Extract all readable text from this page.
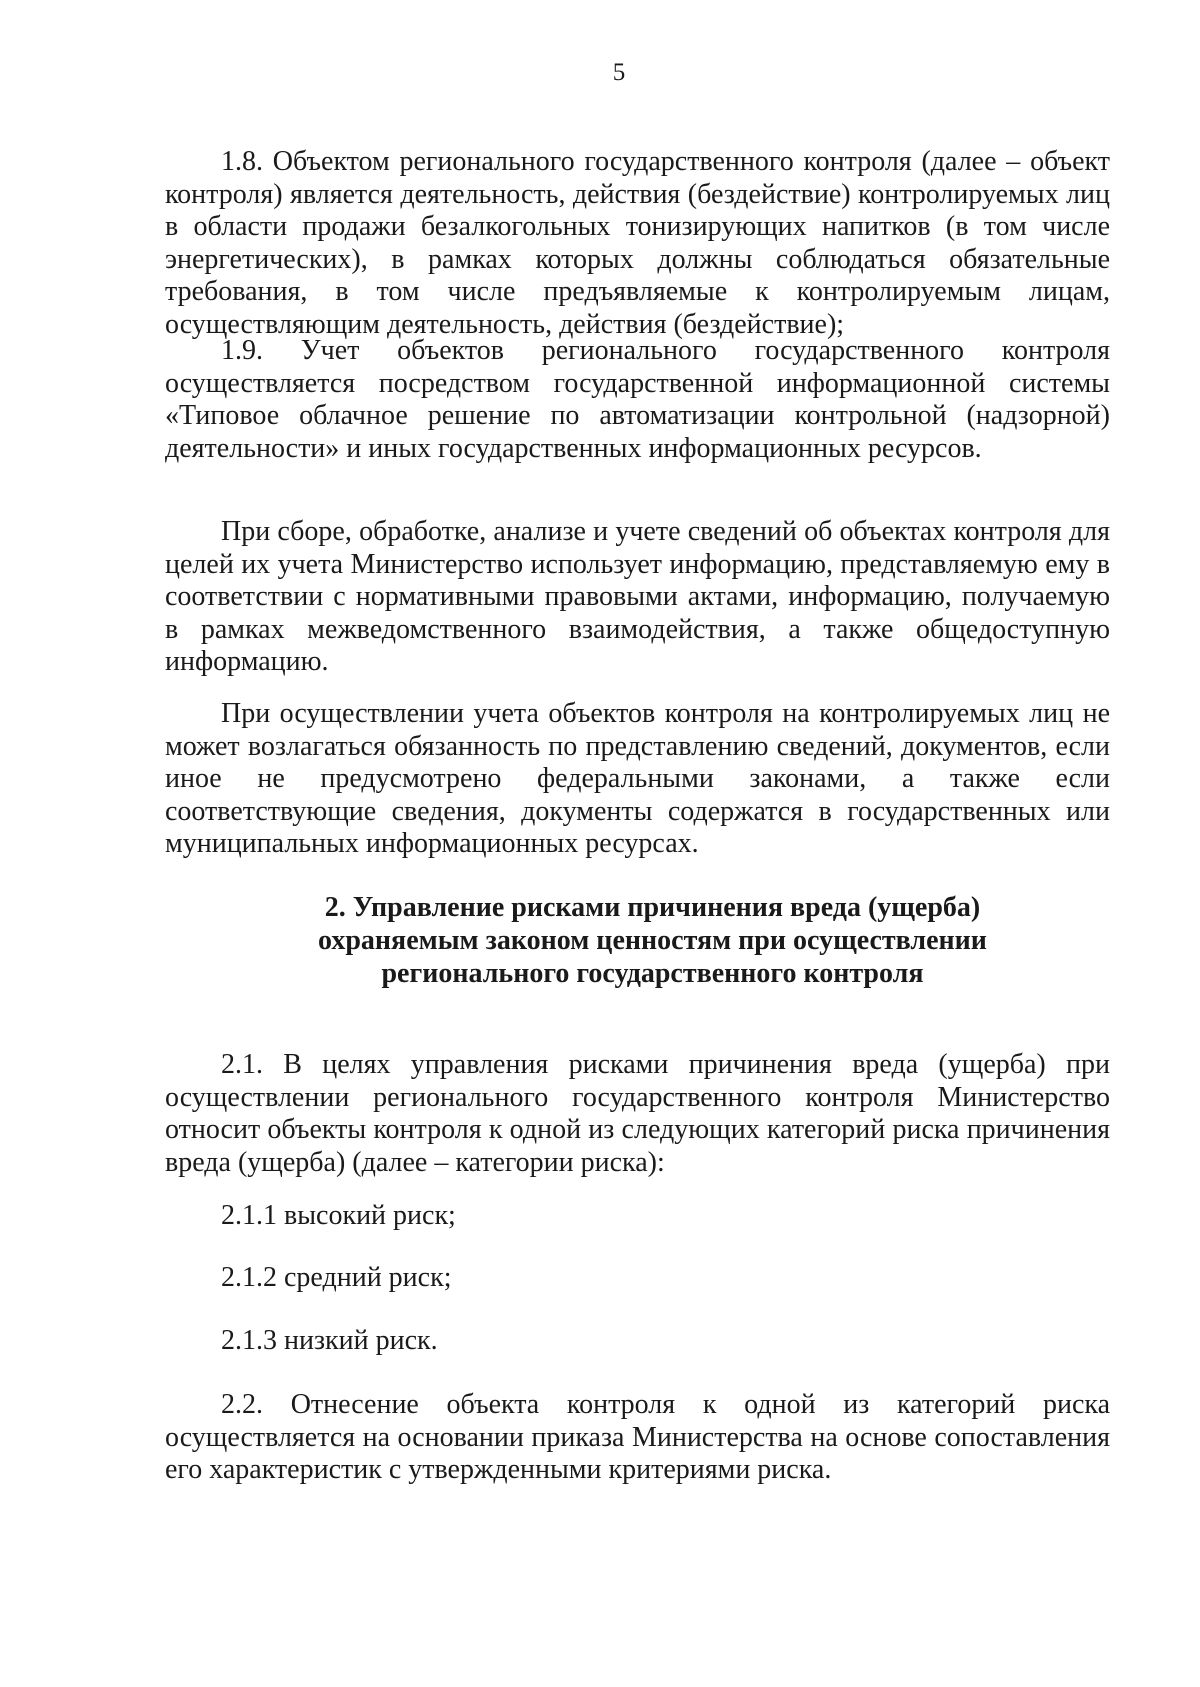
5

1.8. Объектом регионального государственного контроля (далее – объект контроля) является деятельность, действия (бездействие) контролируемых лиц в области продажи безалкогольных тонизирующих напитков (в том числе энергетических), в рамках которых должны соблюдаться обязательные требования, в том числе предъявляемые к контролируемым лицам, осуществляющим деятельность, действия (бездействие);

1.9. Учет объектов регионального государственного контроля осуществляется посредством государственной информационной системы «Типовое облачное решение по автоматизации контрольной (надзорной) деятельности» и иных государственных информационных ресурсов.

При сборе, обработке, анализе и учете сведений об объектах контроля для целей их учета Министерство использует информацию, представляемую ему в соответствии с нормативными правовыми актами, информацию, получаемую в рамках межведомственного взаимодействия, а также общедоступную информацию.

При осуществлении учета объектов контроля на контролируемых лиц не может возлагаться обязанность по представлению сведений, документов, если иное не предусмотрено федеральными законами, а также если соответствующие сведения, документы содержатся в государственных или муниципальных информационных ресурсах.

2. Управление рисками причинения вреда (ущерба)
охраняемым законом ценностям при осуществлении
регионального государственного контроля

2.1. В целях управления рисками причинения вреда (ущерба) при осуществлении регионального государственного контроля Министерство относит объекты контроля к одной из следующих категорий риска причинения вреда (ущерба) (далее – категории риска):

2.1.1 высокий риск;

2.1.2 средний риск;

2.1.3 низкий риск.

2.2. Отнесение объекта контроля к одной из категорий риска осуществляется на основании приказа Министерства на основе сопоставления его характеристик с утвержденными критериями риска.
